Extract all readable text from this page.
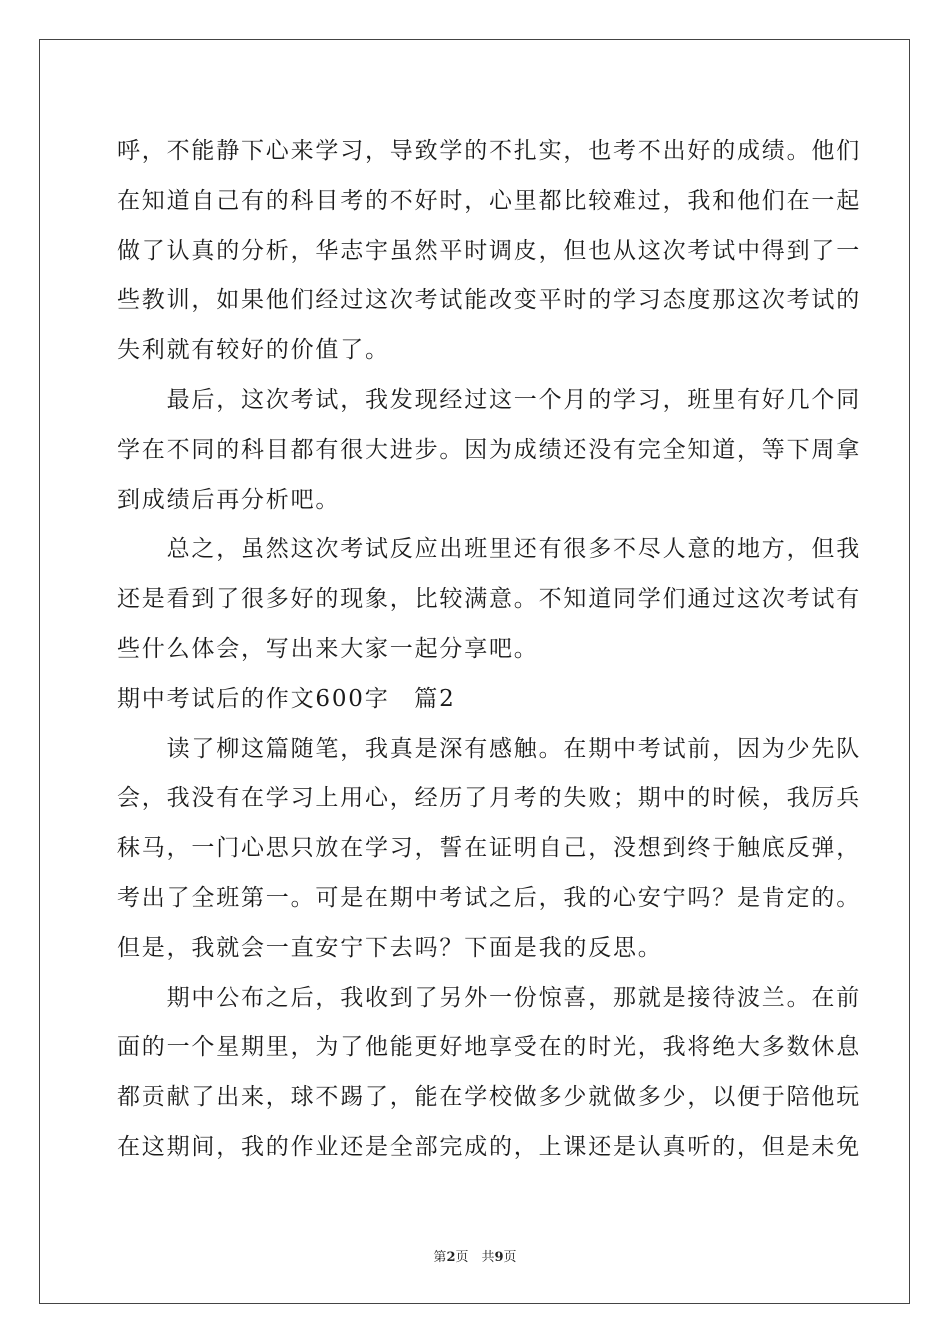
呼，不能静下心来学习，导致学的不扎实，也考不出好的成绩。他们
在知道自己有的科目考的不好时，心里都比较难过，我和他们在一起
做了认真的分析，华志宇虽然平时调皮，但也从这次考试中得到了一
些教训，如果他们经过这次考试能改变平时的学习态度那这次考试的
失利就有较好的价值了。
　　最后，这次考试，我发现经过这一个月的学习，班里有好几个同
学在不同的科目都有很大进步。因为成绩还没有完全知道，等下周拿
到成绩后再分析吧。
　　总之，虽然这次考试反应出班里还有很多不尽人意的地方，但我
还是看到了很多好的现象，比较满意。不知道同学们通过这次考试有
些什么体会，写出来大家一起分享吧。
期中考试后的作文600字　篇2
　　读了柳这篇随笔，我真是深有感触。在期中考试前，因为少先队
会，我没有在学习上用心，经历了月考的失败；期中的时候，我厉兵
秣马，一门心思只放在学习，誓在证明自己，没想到终于触底反弹，
考出了全班第一。可是在期中考试之后，我的心安宁吗？是肯定的。
但是，我就会一直安宁下去吗？下面是我的反思。
　　期中公布之后，我收到了另外一份惊喜，那就是接待波兰。在前
面的一个星期里，为了他能更好地享受在的时光，我将绝大多数休息
都贡献了出来，球不踢了，能在学校做多少就做多少，以便于陪他玩
在这期间，我的作业还是全部完成的，上课还是认真听的，但是未免
第2页　共9页
